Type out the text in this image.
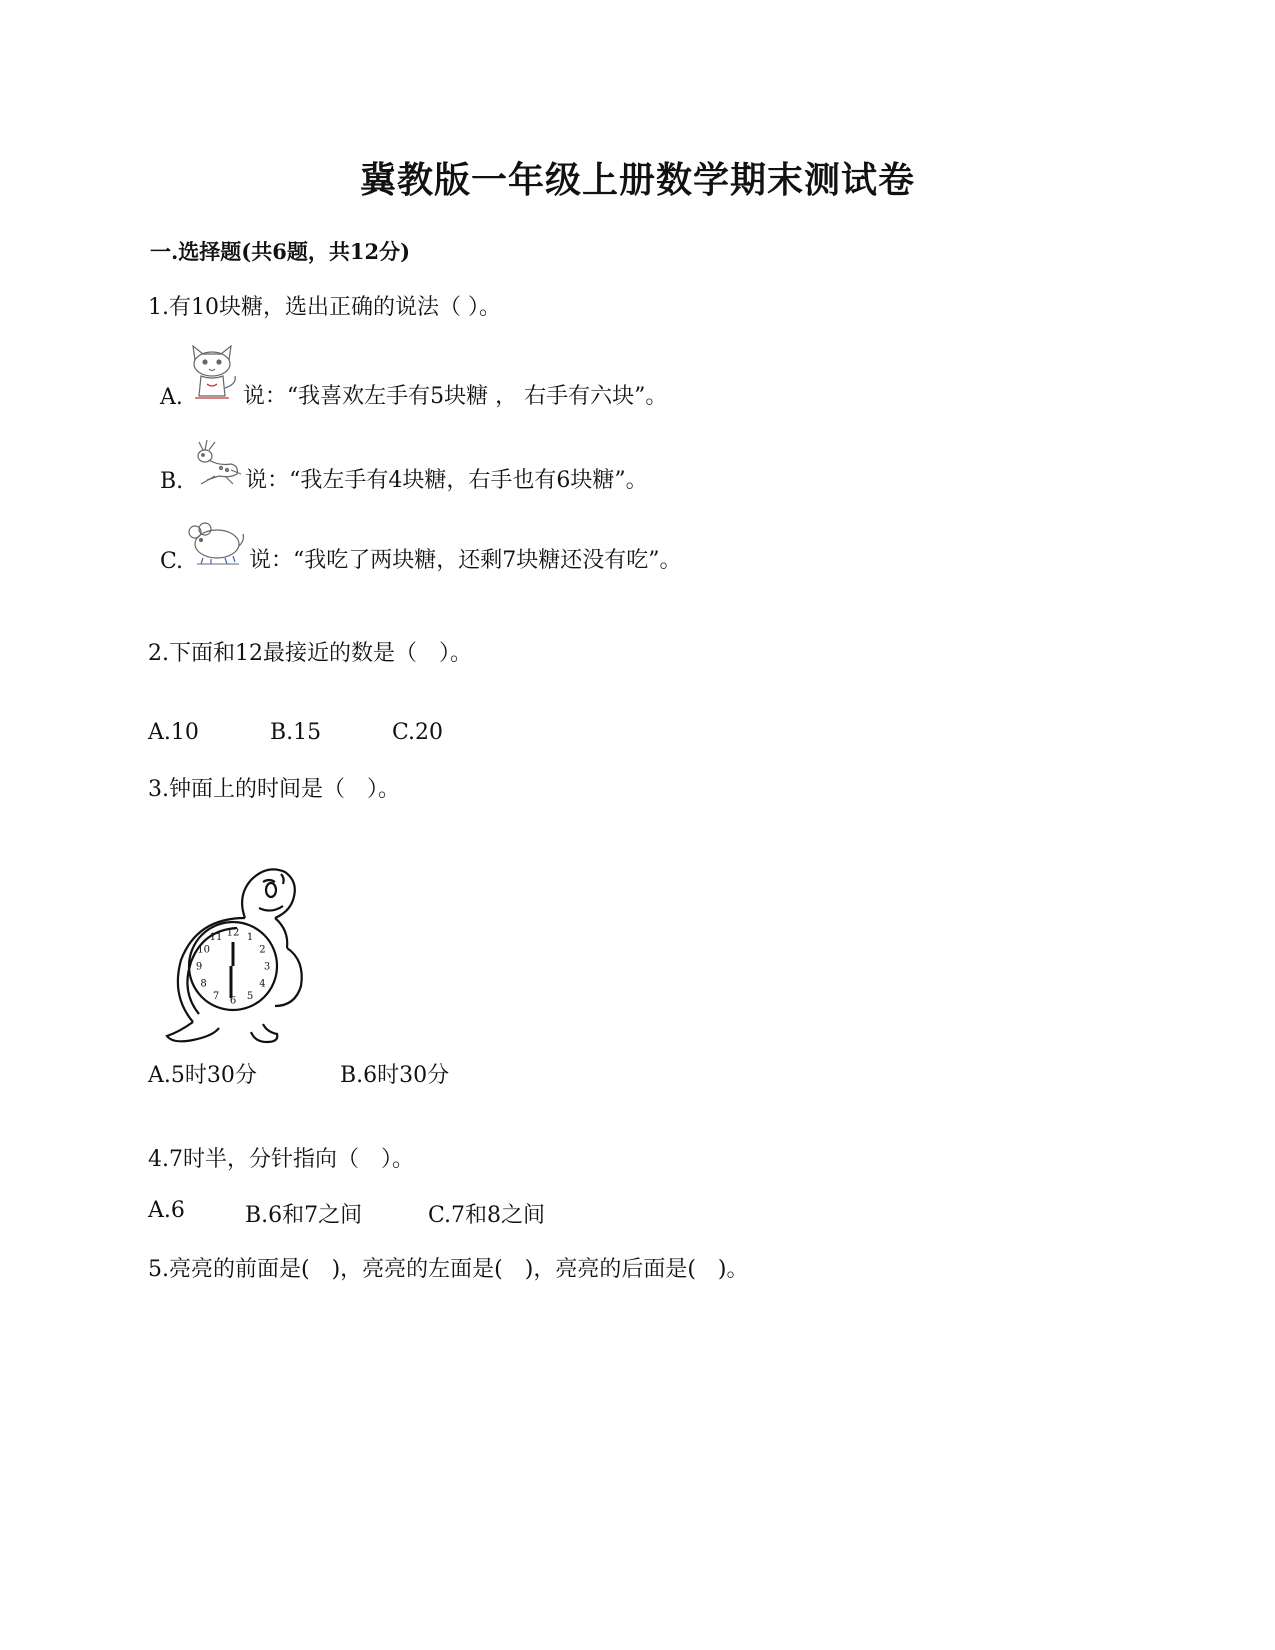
冀教版一年级上册数学期末测试卷
一.选择题(共6题，共12分)
1.有10块糖，选出正确的说法（ ）。
A.	说：“我喜欢左手有5块糖 ， 右手有六块”。
B.	说：“我左手有4块糖，右手也有6块糖”。
C.	说：“我吃了两块糖，还剩7块糖还没有吃”。
2.下面和12最接近的数是（　）。
A.10	B.15	C.20
3.钟面上的时间是（　）。
12 1
2
3
4
5
6
7
8
9
10
11
A.5时30分	B.6时30分
4.7时半，分针指向（　）。
A.6	B.6和7之间	C.7和8之间
5.亮亮的前面是(　)，亮亮的左面是(　)，亮亮的后面是(　)。
